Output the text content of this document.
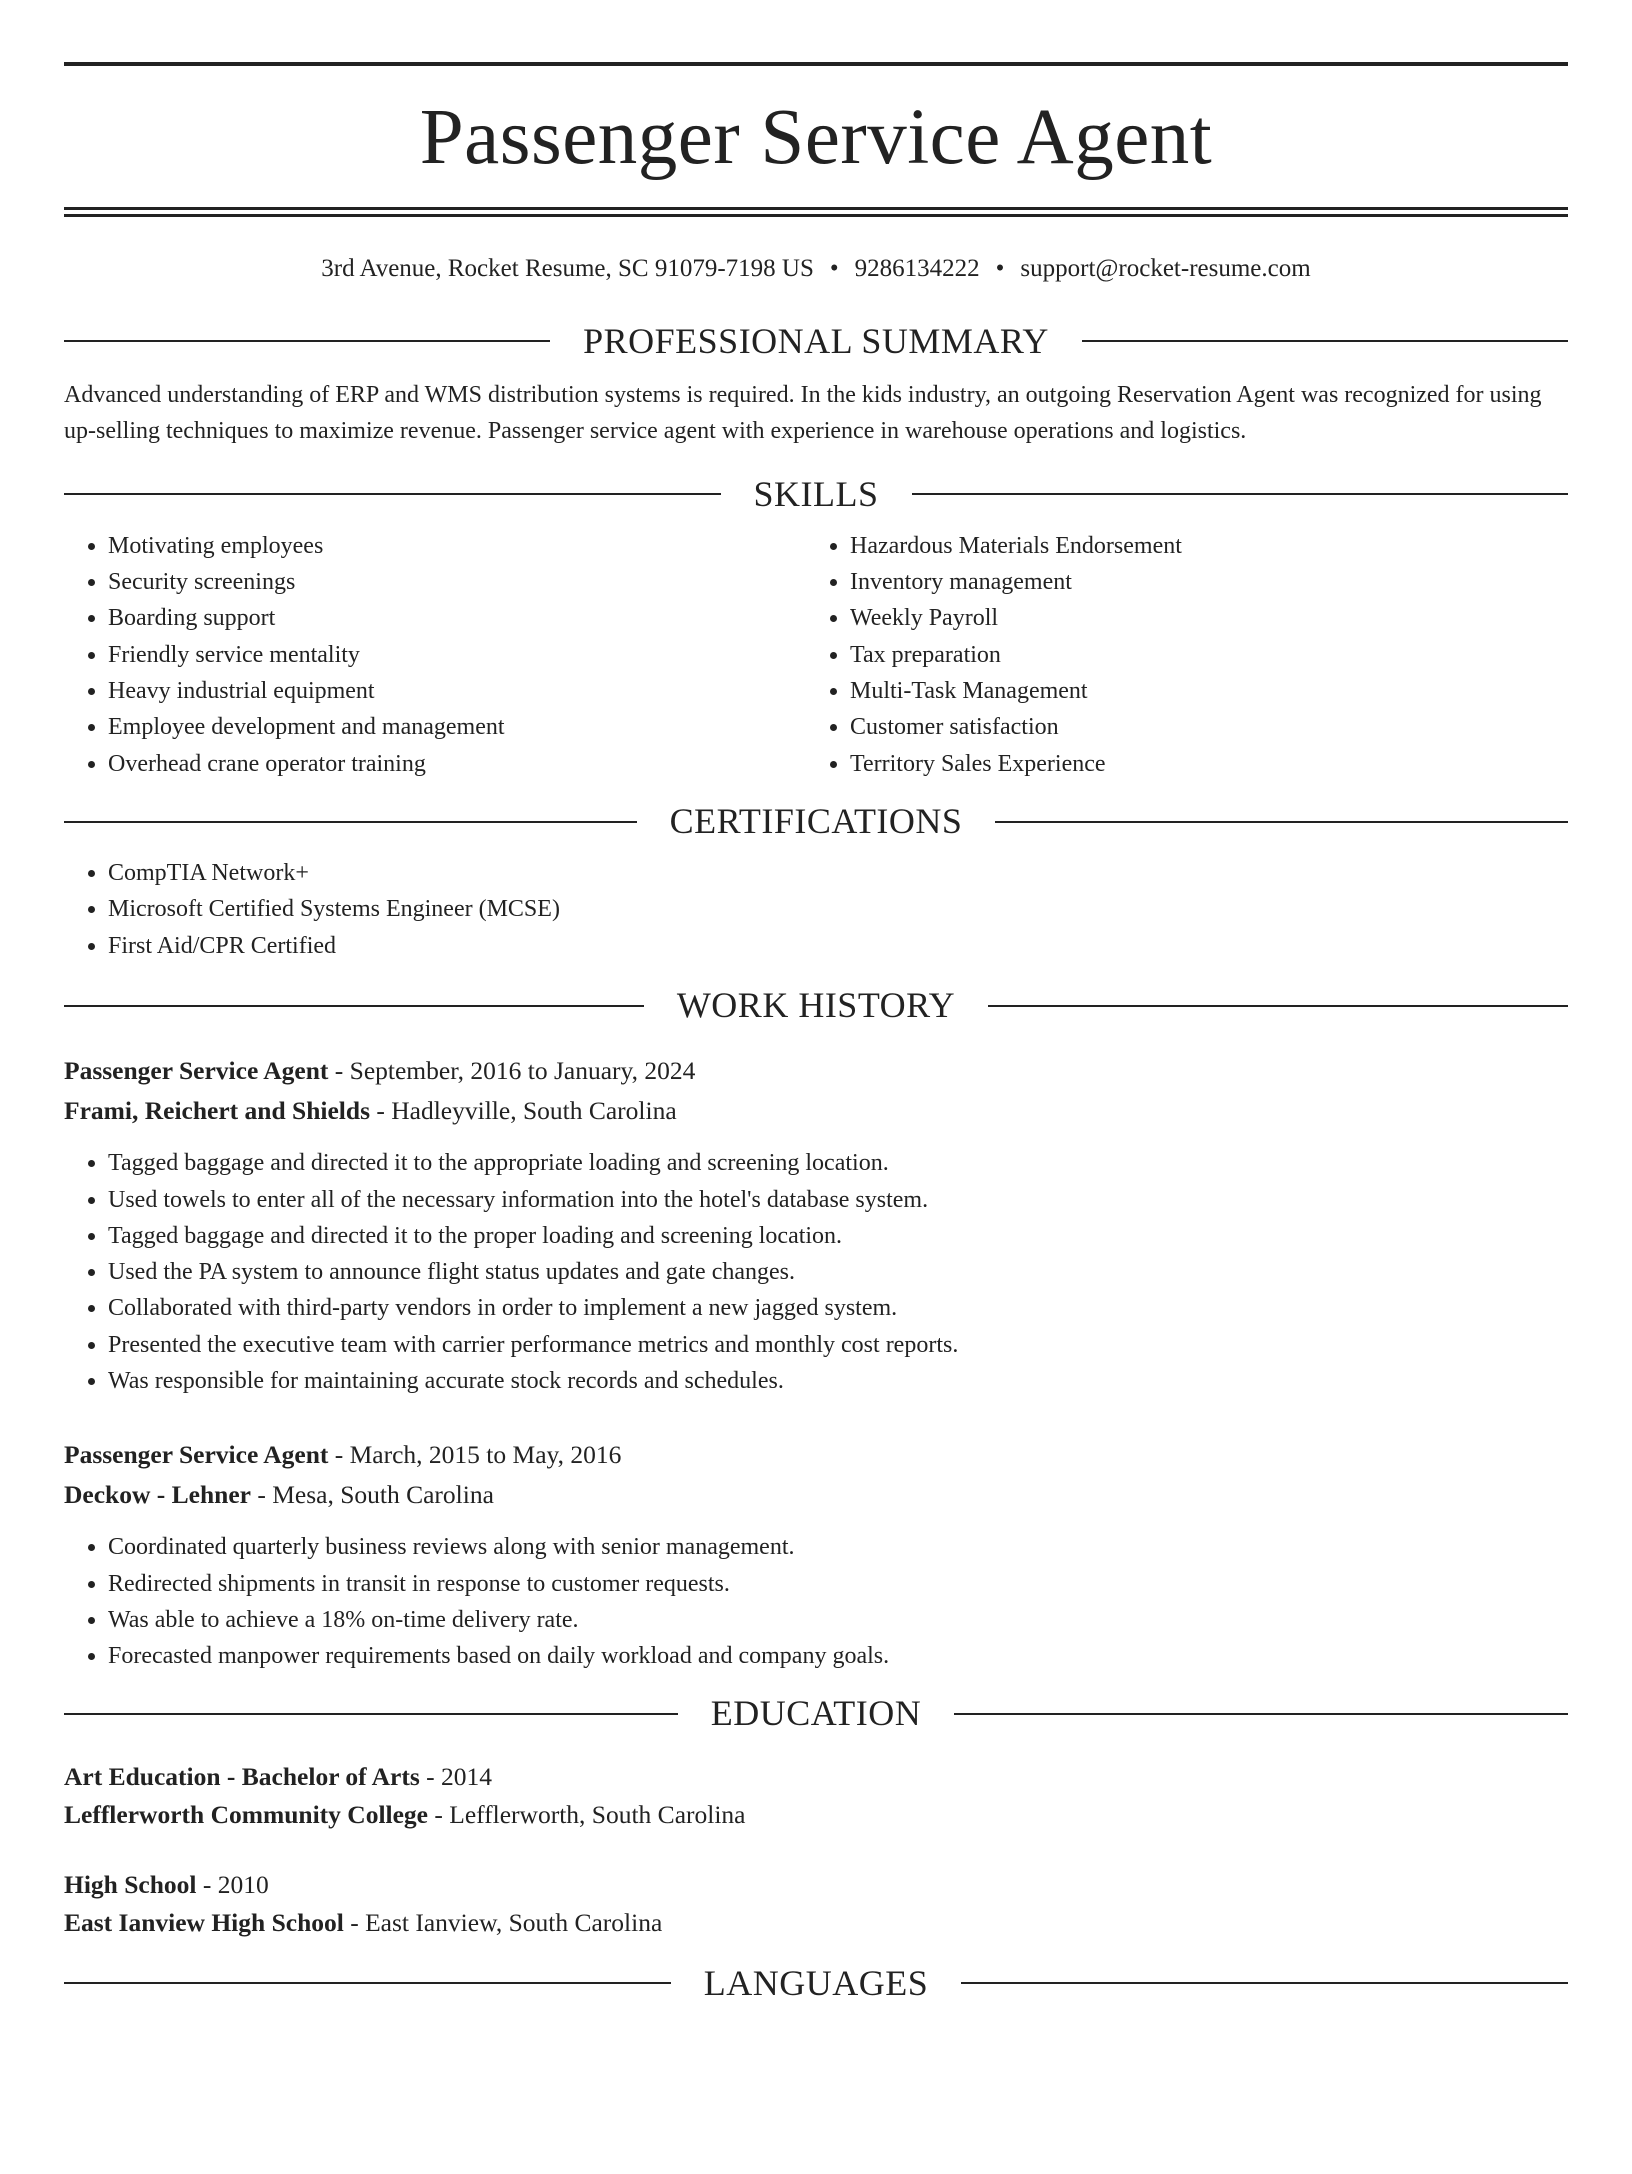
Passenger Service Agent
3rd Avenue, Rocket Resume, SC 91079-7198 US • 9286134222 • support@rocket-resume.com
PROFESSIONAL SUMMARY

Advanced understanding of ERP and WMS distribution systems is required. In the kids industry, an outgoing Reservation Agent was recognized for using up-selling techniques to maximize revenue. Passenger service agent with experience in warehouse operations and logistics.

SKILLS
• Motivating employees
• Security screenings
• Boarding support
• Friendly service mentality
• Heavy industrial equipment
• Employee development and management
• Overhead crane operator training
• Hazardous Materials Endorsement
• Inventory management
• Weekly Payroll
• Tax preparation
• Multi-Task Management
• Customer satisfaction
• Territory Sales Experience
CERTIFICATIONS
• CompTIA Network+
• Microsoft Certified Systems Engineer (MCSE)
• First Aid/CPR Certified
WORK HISTORY
Passenger Service Agent - September, 2016 to January, 2024
Frami, Reichert and Shields - Hadleyville, South Carolina
• Tagged baggage and directed it to the appropriate loading and screening location.
• Used towels to enter all of the necessary information into the hotel's database system.
• Tagged baggage and directed it to the proper loading and screening location.
• Used the PA system to announce flight status updates and gate changes.
• Collaborated with third-party vendors in order to implement a new jagged system.
• Presented the executive team with carrier performance metrics and monthly cost reports.
• Was responsible for maintaining accurate stock records and schedules.
Passenger Service Agent - March, 2015 to May, 2016
Deckow - Lehner - Mesa, South Carolina
• Coordinated quarterly business reviews along with senior management.
• Redirected shipments in transit in response to customer requests.
• Was able to achieve a 18% on-time delivery rate.
• Forecasted manpower requirements based on daily workload and company goals.
EDUCATION
Art Education - Bachelor of Arts - 2014
Lefflerworth Community College - Lefflerworth, South Carolina
High School - 2010
East Ianview High School - East Ianview, South Carolina
LANGUAGES
